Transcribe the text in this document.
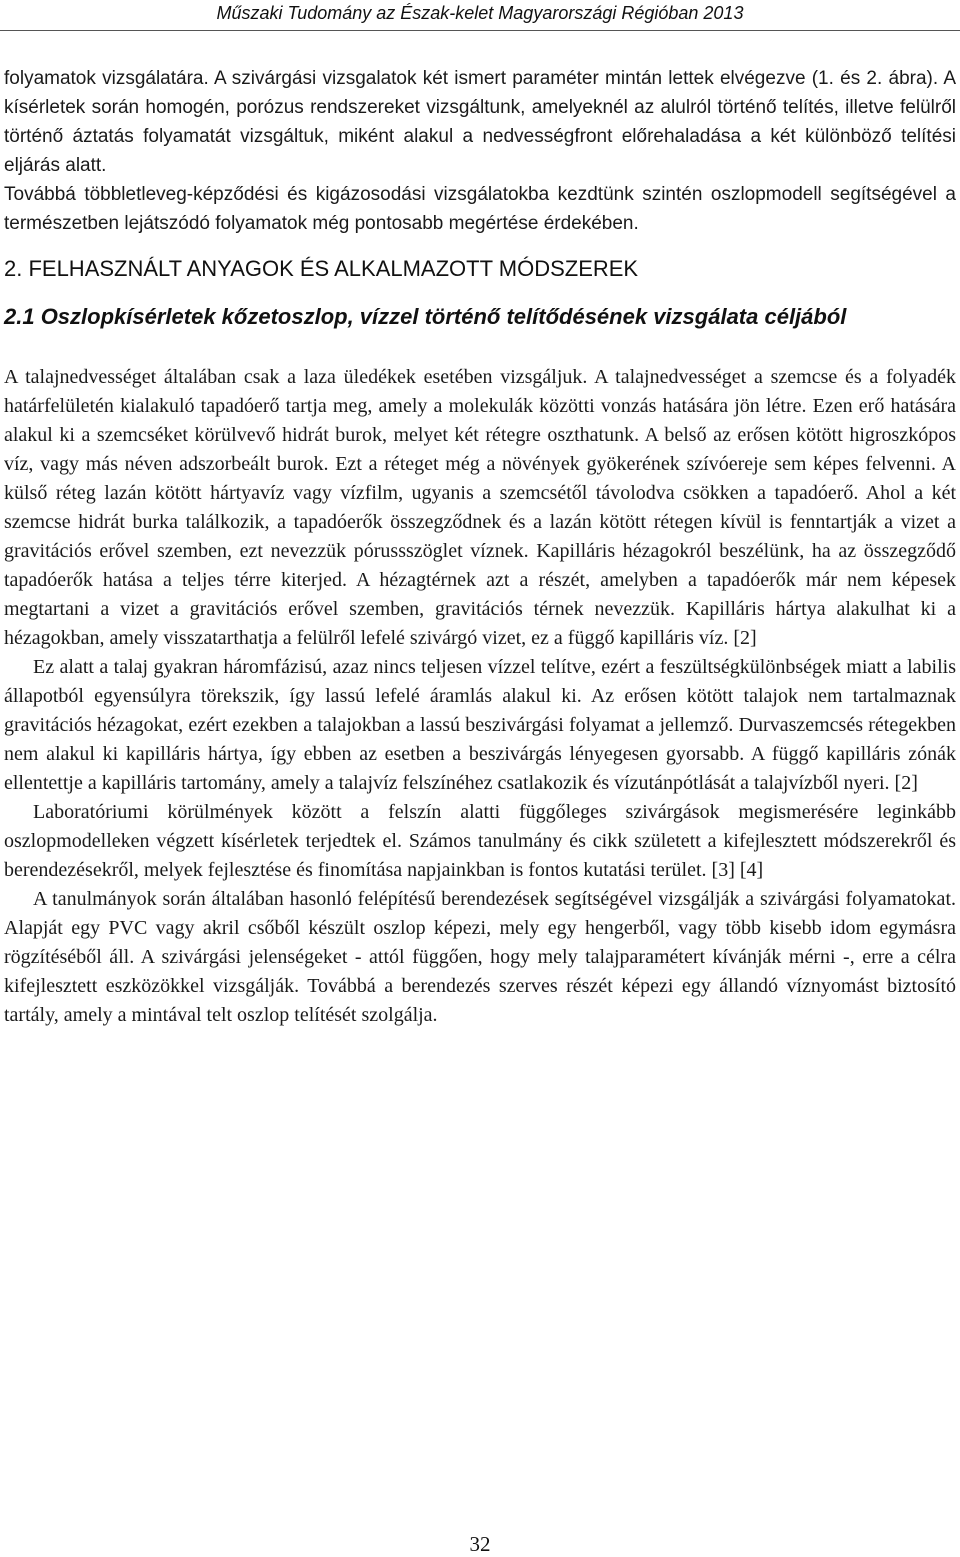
Műszaki Tudomány az Észak-kelet Magyarországi Régióban 2013

folyamatok vizsgálatára. A szivárgási vizsgalatok két ismert paraméter mintán lettek elvégezve (1. és 2. ábra). A kísérletek során homogén, porózus rendszereket vizsgáltunk, amelyeknél az alulról történő telítés, illetve felülről történő áztatás folyamatát vizsgáltuk, miként alakul a nedvességfront előrehaladása a két különböző telítési eljárás alatt.

Továbbá többletleveg-képződési és kigázosodási vizsgálatokba kezdtünk szintén oszlopmodell segítségével a természetben lejátszódó folyamatok még pontosabb megértése érdekében.

2. FELHASZNÁLT ANYAGOK ÉS ALKALMAZOTT MÓDSZEREK
2.1 Oszlopkísérletek kőzetoszlop, vízzel történő telítődésének vizsgálata céljából

A talajnedvességet általában csak a laza üledékek esetében vizsgáljuk. A talajnedvességet a szemcse és a folyadék határfelületén kialakuló tapadóerő tartja meg, amely a molekulák közötti vonzás hatására jön létre. Ezen erő hatására alakul ki a szemcséket körülvevő hidrát burok, melyet két rétegre oszthatunk. A belső az erősen kötött higroszkópos víz, vagy más néven adszorbeált burok. Ezt a réteget még a növények gyökerének szívóereje sem képes felvenni. A külső réteg lazán kötött hártyavíz vagy vízfilm, ugyanis a szemcsétől távolodva csökken a tapadóerő. Ahol a két szemcse hidrát burka találkozik, a tapadóerők összegződnek és a lazán kötött rétegen kívül is fenntartják a vizet a gravitációs erővel szemben, ezt nevezzük pórussszöglet víznek. Kapilláris hézagokról beszélünk, ha az összegződő tapadóerők hatása a teljes térre kiterjed. A hézagtérnek azt a részét, amelyben a tapadóerők már nem képesek megtartani a vizet a gravitációs erővel szemben, gravitációs térnek nevezzük. Kapilláris hártya alakulhat ki a hézagokban, amely visszatarthatja a felülről lefelé szivárgó vizet, ez a függő kapilláris víz. [2]

Ez alatt a talaj gyakran háromfázisú, azaz nincs teljesen vízzel telítve, ezért a feszültségkülönbségek miatt a labilis állapotból egyensúlyra törekszik, így lassú lefelé áramlás alakul ki. Az erősen kötött talajok nem tartalmaznak gravitációs hézagokat, ezért ezekben a talajokban a lassú beszivárgási folyamat a jellemző. Durvaszemcsés rétegekben nem alakul ki kapilláris hártya, így ebben az esetben a beszivárgás lényegesen gyorsabb. A függő kapilláris zónák ellentettje a kapilláris tartomány, amely a talajvíz felszínéhez csatlakozik és vízutánpótlását a talajvízből nyeri. [2]

Laboratóriumi körülmények között a felszín alatti függőleges szivárgások megismerésére leginkább oszlopmodelleken végzett kísérletek terjedtek el. Számos tanulmány és cikk született a kifejlesztett módszerekről és berendezésekről, melyek fejlesztése és finomítása napjainkban is fontos kutatási terület. [3] [4]

A tanulmányok során általában hasonló felépítésű berendezések segítségével vizsgálják a szivárgási folyamatokat. Alapját egy PVC vagy akril csőből készült oszlop képezi, mely egy hengerből, vagy több kisebb idom egymásra rögzítéséből áll. A szivárgási jelenségeket - attól függően, hogy mely talajparamétert kívánják mérni -, erre a célra kifejlesztett eszközökkel vizsgálják. Továbbá a berendezés szerves részét képezi egy állandó víznyomást biztosító tartály, amely a mintával telt oszlop telítését szolgálja.

32
